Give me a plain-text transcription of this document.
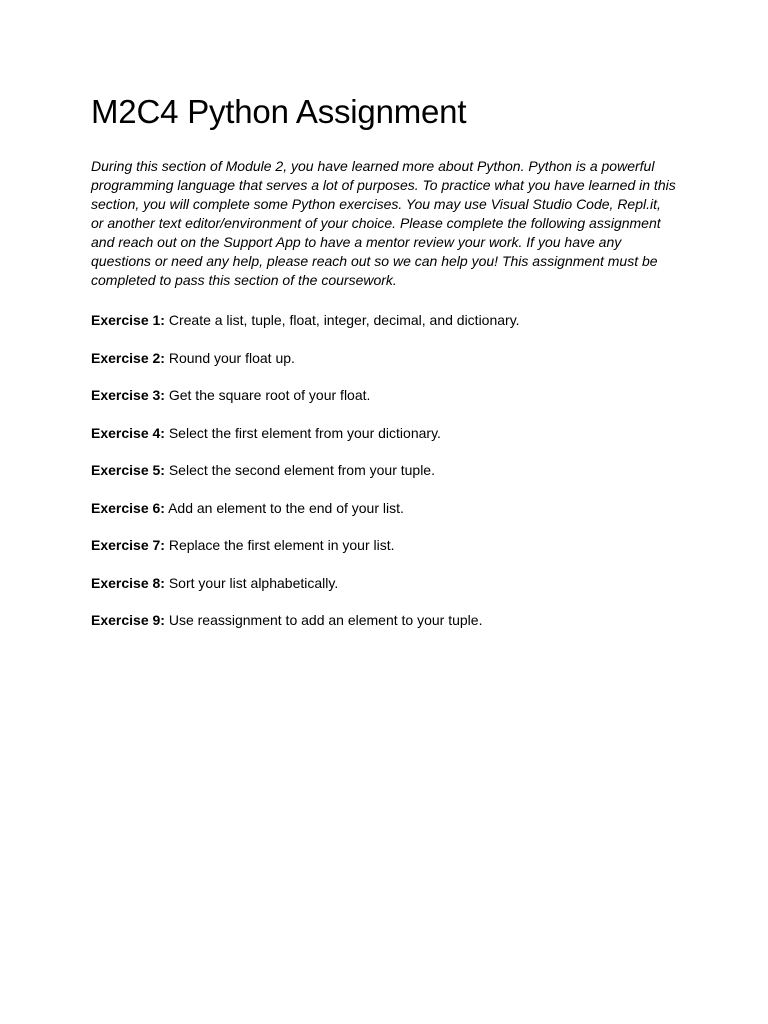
M2C4 Python Assignment

During this section of Module 2, you have learned more about Python. Python is a powerful programming language that serves a lot of purposes. To practice what you have learned in this section, you will complete some Python exercises. You may use Visual Studio Code, Repl.it, or another text editor/environment of your choice. Please complete the following assignment and reach out on the Support App to have a mentor review your work. If you have any questions or need any help, please reach out so we can help you! This assignment must be completed to pass this section of the coursework.

Exercise 1: Create a list, tuple, float, integer, decimal, and dictionary.
Exercise 2: Round your float up.
Exercise 3: Get the square root of your float.
Exercise 4: Select the first element from your dictionary.
Exercise 5: Select the second element from your tuple.
Exercise 6: Add an element to the end of your list.
Exercise 7: Replace the first element in your list.
Exercise 8: Sort your list alphabetically.
Exercise 9: Use reassignment to add an element to your tuple.
